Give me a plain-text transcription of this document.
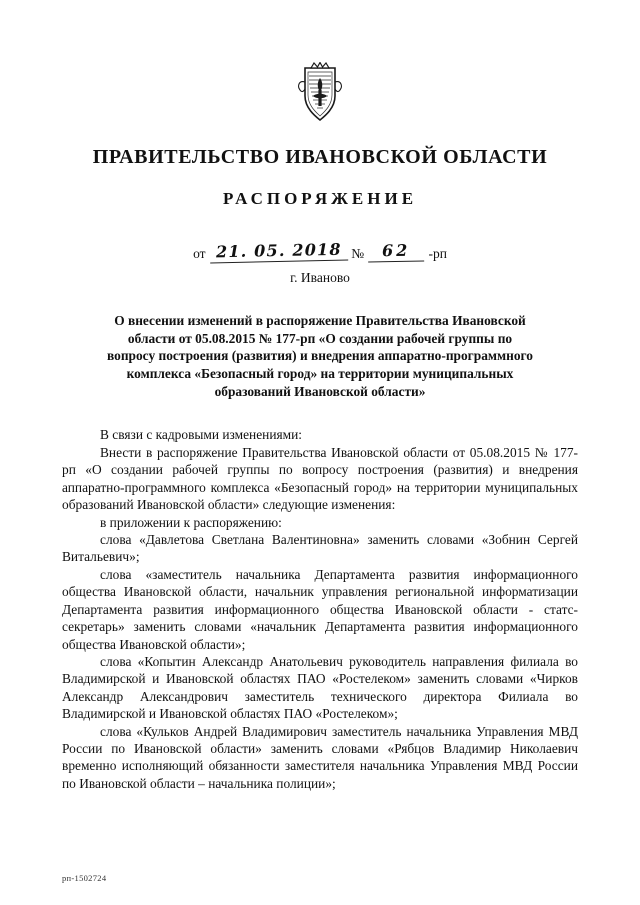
ПРАВИТЕЛЬСТВО ИВАНОВСКОЙ ОБЛАСТИ
РАСПОРЯЖЕНИЕ
от 21. 05. 2018 №	62	-рп
г. Иваново
О внесении изменений в распоряжение Правительства Ивановской области от 05.08.2015 № 177-рп «О создании рабочей группы по вопросу построения (развития) и внедрения аппаратно-программного комплекса «Безопасный город» на территории муниципальных образований Ивановской области»

В связи с кадровыми изменениями:

Внести в распоряжение Правительства Ивановской области от 05.08.2015 № 177-рп «О создании рабочей группы по вопросу построения (развития) и внедрения аппаратно-программного комплекса «Безопасный город» на территории муниципальных образований Ивановской области» следующие изменения:

в приложении к распоряжению:

слова «Давлетова Светлана Валентиновна» заменить словами «Зобнин Сергей Витальевич»;

слова «заместитель начальника Департамента развития информационного общества Ивановской области, начальник управления региональной информатизации Департамента развития информационного общества Ивановской области - статс-секретарь» заменить словами «начальник Департамента развития информационного общества Ивановской области»;

слова «Копытин Александр Анатольевич руководитель направления филиала во Владимирской и Ивановской областях ПАО «Ростелеком» заменить словами «Чирков Александр Александрович заместитель технического директора Филиала во Владимирской и Ивановской областях ПАО «Ростелеком»;

слова «Кульков Андрей Владимирович заместитель начальника Управления МВД России по Ивановской области» заменить словами «Рябцов Владимир Николаевич временно исполняющий обязанности заместителя начальника Управления МВД России по Ивановской области – начальника полиции»;

рп-1502724
